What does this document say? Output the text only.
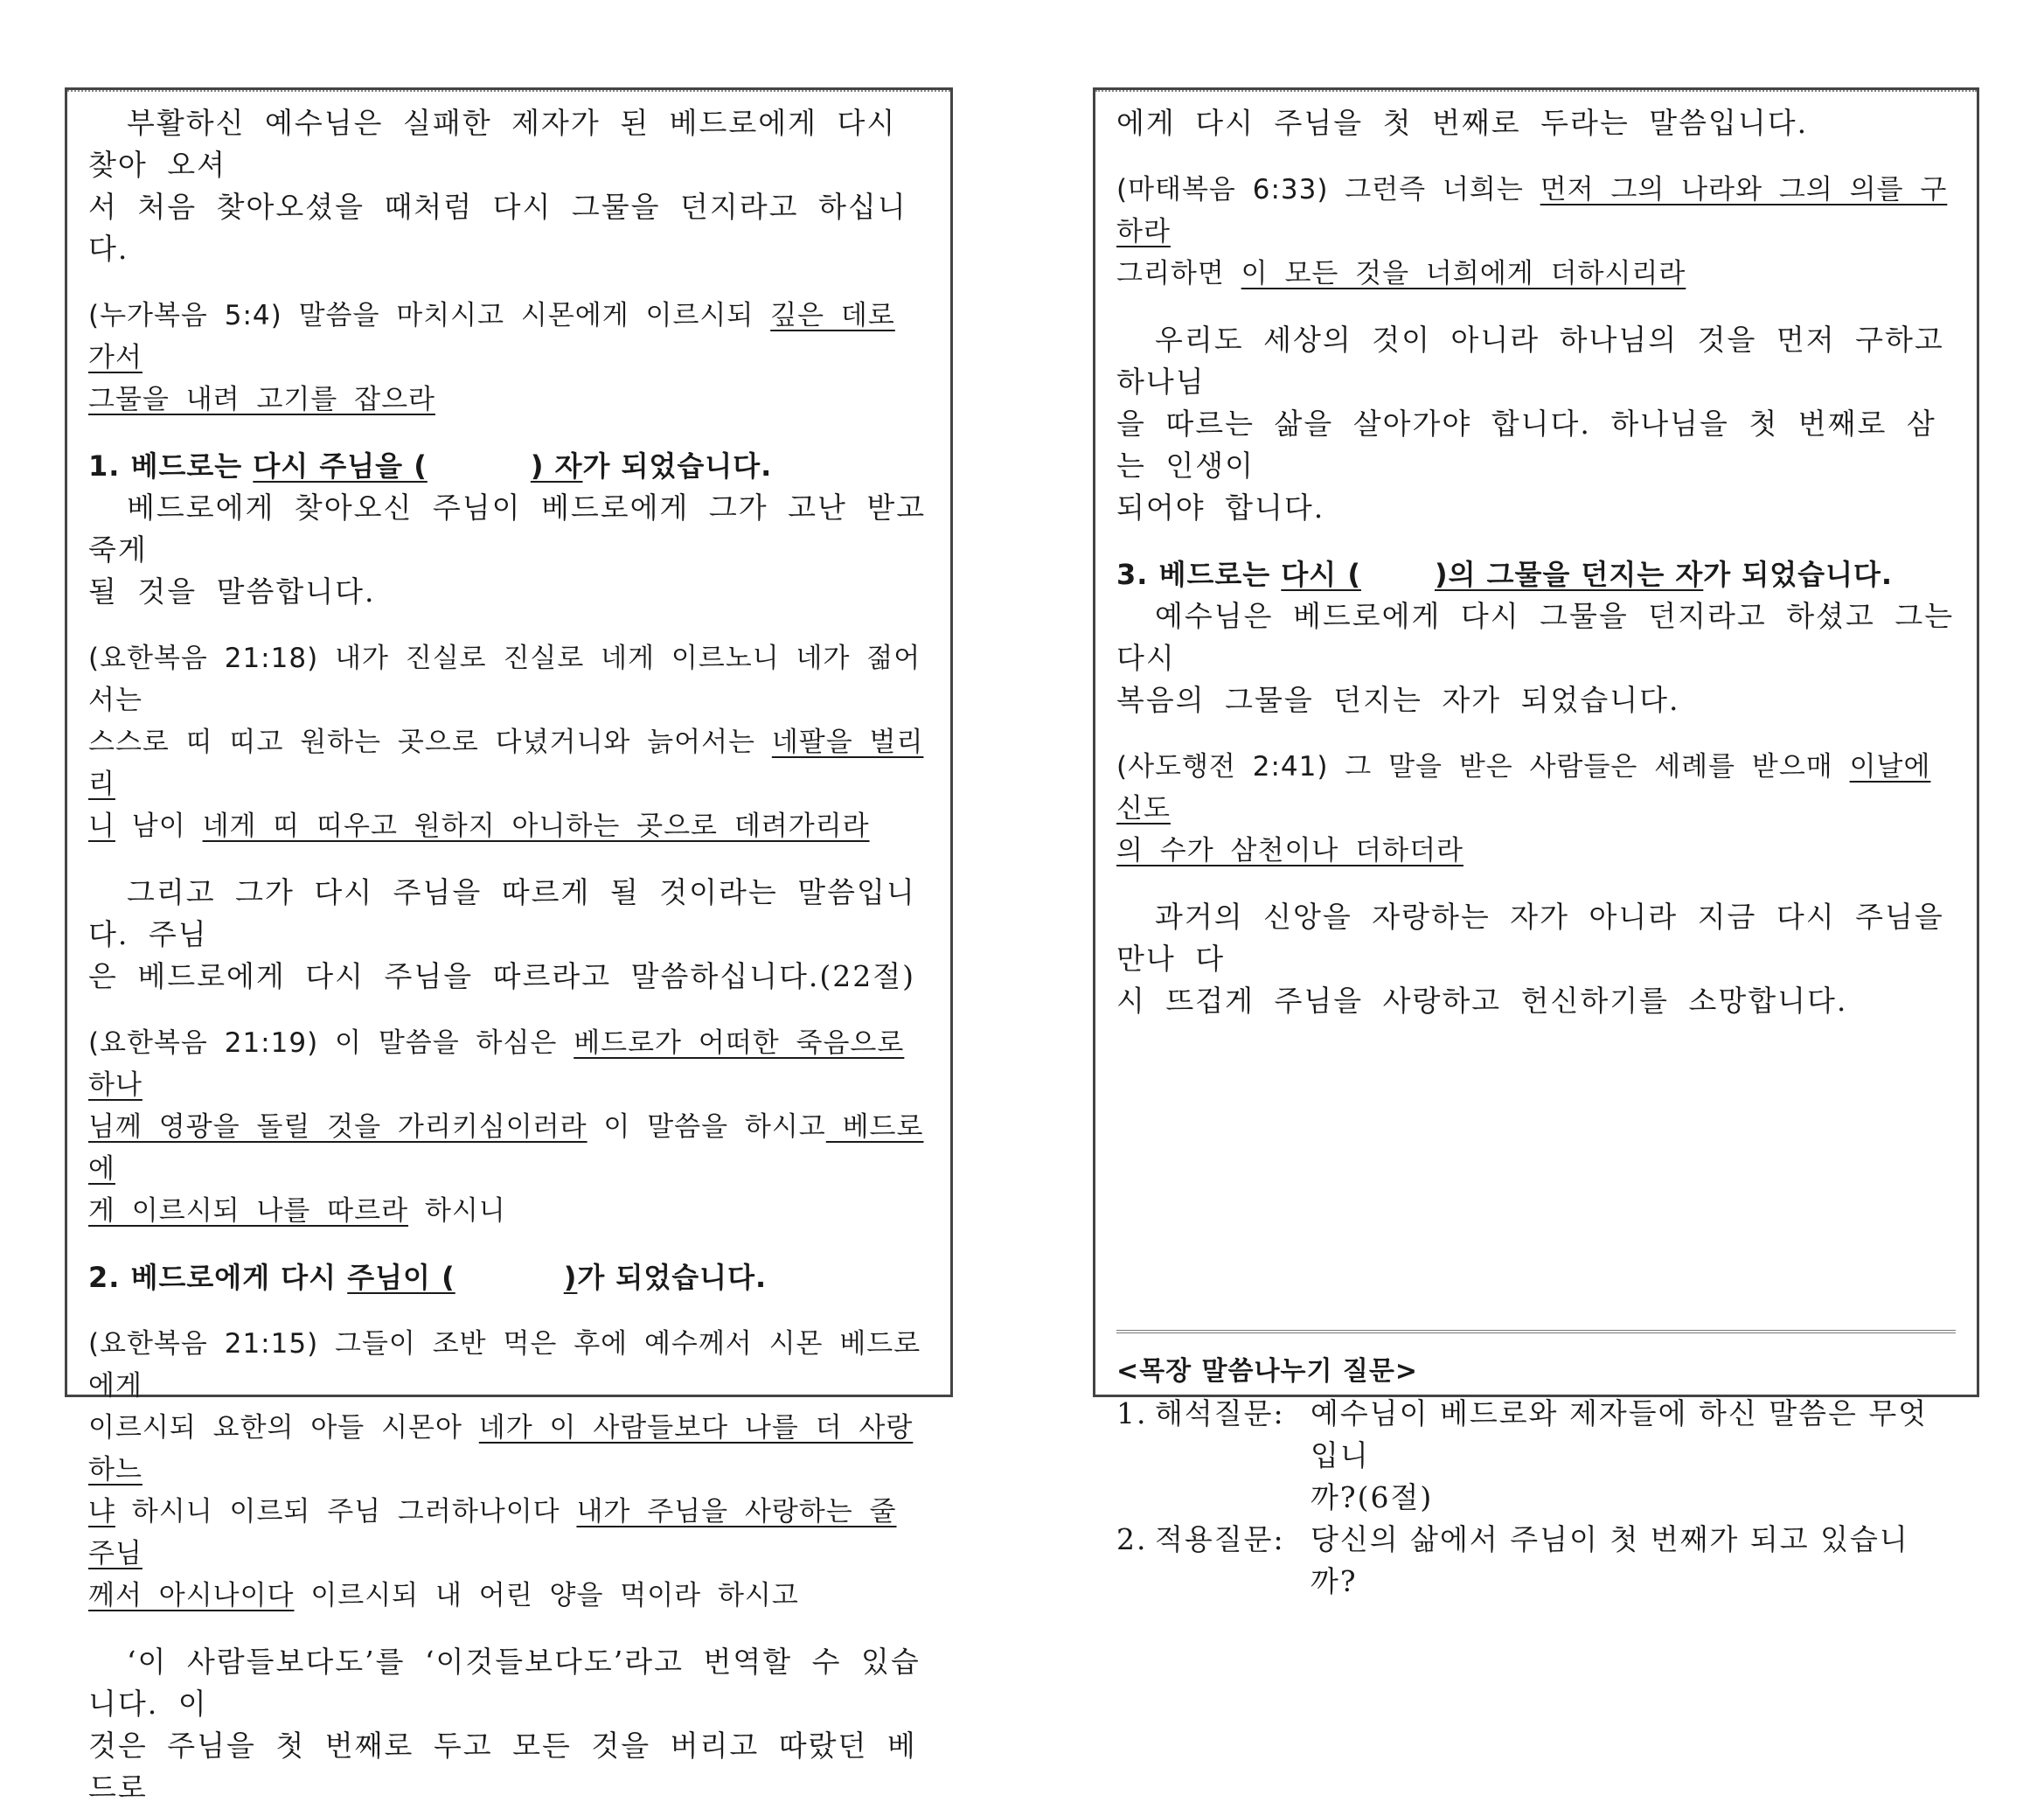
부활하신 예수님은 실패한 제자가 된 베드로에게 다시 찾아 오셔

서 처음 찾아오셨을 때처럼 다시 그물을 던지라고 하십니다.

(누가복음 5:4) 말씀을 마치시고 시몬에게 이르시되 깊은 데로 가서

그물을 내려 고기를 잡으라

1. 베드로는 다시 주님을 (	) 자가 되었습니다.

베드로에게 찾아오신 주님이 베드로에게 그가 고난 받고 죽게

될 것을 말씀합니다.

(요한복음 21:18) 내가 진실로 진실로 네게 이르노니 네가 젊어서는

스스로 띠 띠고 원하는 곳으로 다녔거니와 늙어서는 네팔을 벌리리

니 남이 네게 띠 띠우고 원하지 아니하는 곳으로 데려가리라

그리고 그가 다시 주님을 따르게 될 것이라는 말씀입니다. 주님

은 베드로에게 다시 주님을 따르라고 말씀하십니다.(22절)

(요한복음 21:19) 이 말씀을 하심은 베드로가 어떠한 죽음으로 하나

님께 영광을 돌릴 것을 가리키심이러라 이 말씀을 하시고 베드로에

게 이르시되 나를 따르라 하시니

2. 베드로에게 다시 주님이 (	)가 되었습니다.

(요한복음 21:15) 그들이 조반 먹은 후에 예수께서 시몬 베드로에게

이르시되 요한의 아들 시몬아 네가 이 사람들보다 나를 더 사랑하느

냐 하시니 이르되 주님 그러하나이다 내가 주님을 사랑하는 줄 주님

께서 아시나이다 이르시되 내 어린 양을 먹이라 하시고

‘이 사람들보다도’를 ‘이것들보다도’라고 번역할 수 있습니다. 이

것은 주님을 첫 번째로 두고 모든 것을 버리고 따랐던 베드로

에게 다시 주님을 첫 번째로 두라는 말씀입니다.

(마태복음 6:33) 그런즉 너희는 먼저 그의 나라와 그의 의를 구하라

그리하면 이 모든 것을 너희에게 더하시리라

우리도 세상의 것이 아니라 하나님의 것을 먼저 구하고 하나님

을 따르는 삶을 살아가야 합니다. 하나님을 첫 번째로 삼는 인생이

되어야 합니다.

3. 베드로는 다시 (	)의 그물을 던지는 자가 되었습니다.

예수님은 베드로에게 다시 그물을 던지라고 하셨고 그는 다시

복음의 그물을 던지는 자가 되었습니다.

(사도행전 2:41) 그 말을 받은 사람들은 세례를 받으매 이날에 신도

의 수가 삼천이나 더하더라

과거의 신앙을 자랑하는 자가 아니라 지금 다시 주님을 만나 다

시 뜨겁게 주님을 사랑하고 헌신하기를 소망합니다.

<목장 말씀나누기 질문>

1. 해석질문: 예수님이 베드로와 제자들에 하신 말씀은 무엇입니
까?(6절)
2. 적용질문: 당신의 삶에서 주님이 첫 번째가 되고 있습니까?
